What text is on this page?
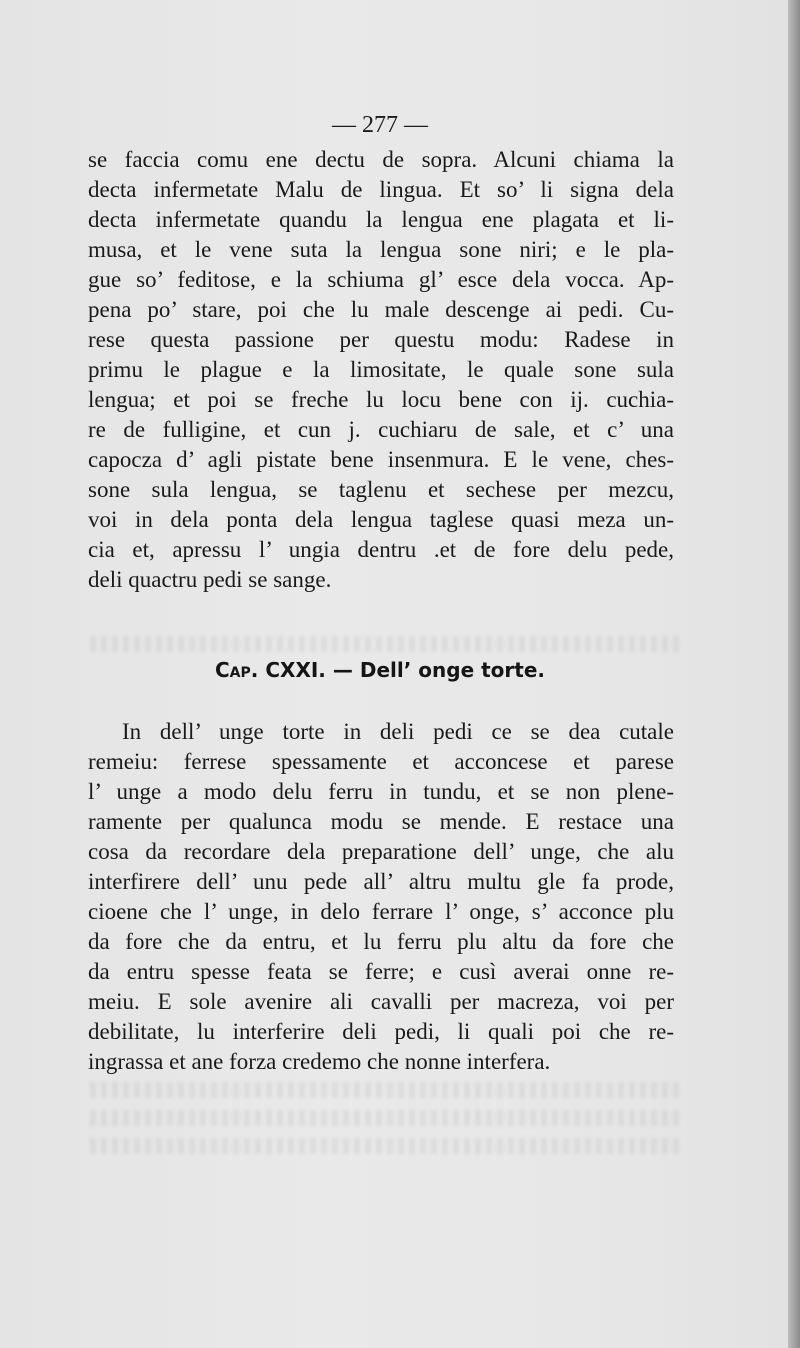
— 277 —

se faccia comu ene dectu de sopra. Alcuni chiama la
decta infermetate Malu de lingua. Et so’ li signa dela
decta infermetate quandu la lengua ene plagata et li-
musa, et le vene suta la lengua sone niri; e le pla-
gue so’ feditose, e la schiuma gl’ esce dela vocca. Ap-
pena po’ stare, poi che lu male descenge ai pedi. Cu-
rese questa passione per questu modu: Radese in
primu le plague e la limositate, le quale sone sula
lengua; et poi se freche lu locu bene con ij. cuchia-
re de fulligine, et cun j. cuchiaru de sale, et c’ una
capocza d’ agli pistate bene insenmura. E le vene, ches-
sone sula lengua, se taglenu et sechese per mezcu,
voi in dela ponta dela lengua taglese quasi meza un-
cia et, apressu l’ ungia dentru .et de fore delu pede,
deli quactru pedi se sange.
Cap. CXXI. — Dell’ onge torte.
In dell’ unge torte in deli pedi ce se dea cutale
remeiu: ferrese spessamente et acconcese et parese
l’ unge a modo delu ferru in tundu, et se non plene-
ramente per qualunca modu se mende. E restace una
cosa da recordare dela preparatione dell’ unge, che alu
interfirere dell’ unu pede all’ altru multu gle fa prode,
cioene che l’ unge, in delo ferrare l’ onge, s’ acconce plu
da fore che da entru, et lu ferru plu altu da fore che
da entru spesse feata se ferre; e cusì averai onne re-
meiu. E sole avenire ali cavalli per macreza, voi per
debilitate, lu interferire deli pedi, li quali poi che re-
ingrassa et ane forza credemo che nonne interfera.
